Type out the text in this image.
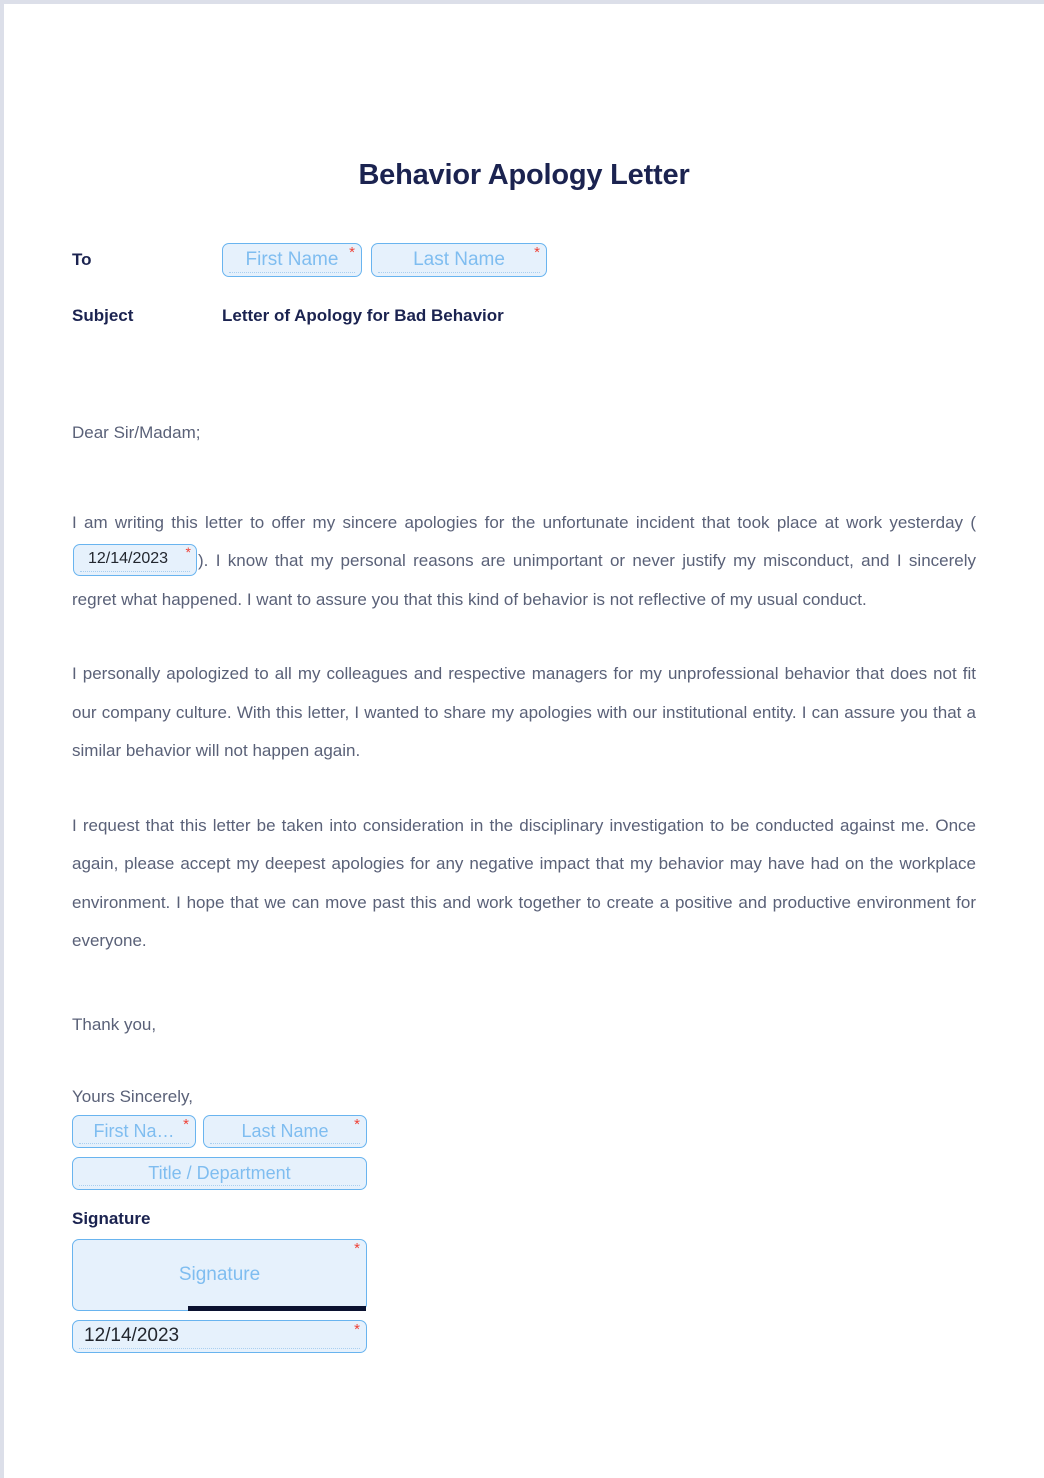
Behavior Apology Letter
To	First Name *	Last Name *
Subject	Letter of Apology for Bad Behavior
Dear Sir/Madam;

I am writing this letter to offer my sincere apologies for the unfortunate incident that took place at work yesterday (
12/14/2023 * ). I know that my personal reasons are unimportant or never justify my misconduct, and I sincerely regret what happened. I want to assure you that this kind of behavior is not reflective of my usual conduct.

I personally apologized to all my colleagues and respective managers for my unprofessional behavior that does not fit our company culture. With this letter, I wanted to share my apologies with our institutional entity. I can assure you that a similar behavior will not happen again.

I request that this letter be taken into consideration in the disciplinary investigation to be conducted against me. Once again, please accept my deepest apologies for any negative impact that my behavior may have had on the workplace environment. I hope that we can move past this and work together to create a positive and productive environment for everyone.

Thank you,
Yours Sincerely,
First Na… *	Last Name *
Title / Department
Signature
Signature
*
12/14/2023	*
